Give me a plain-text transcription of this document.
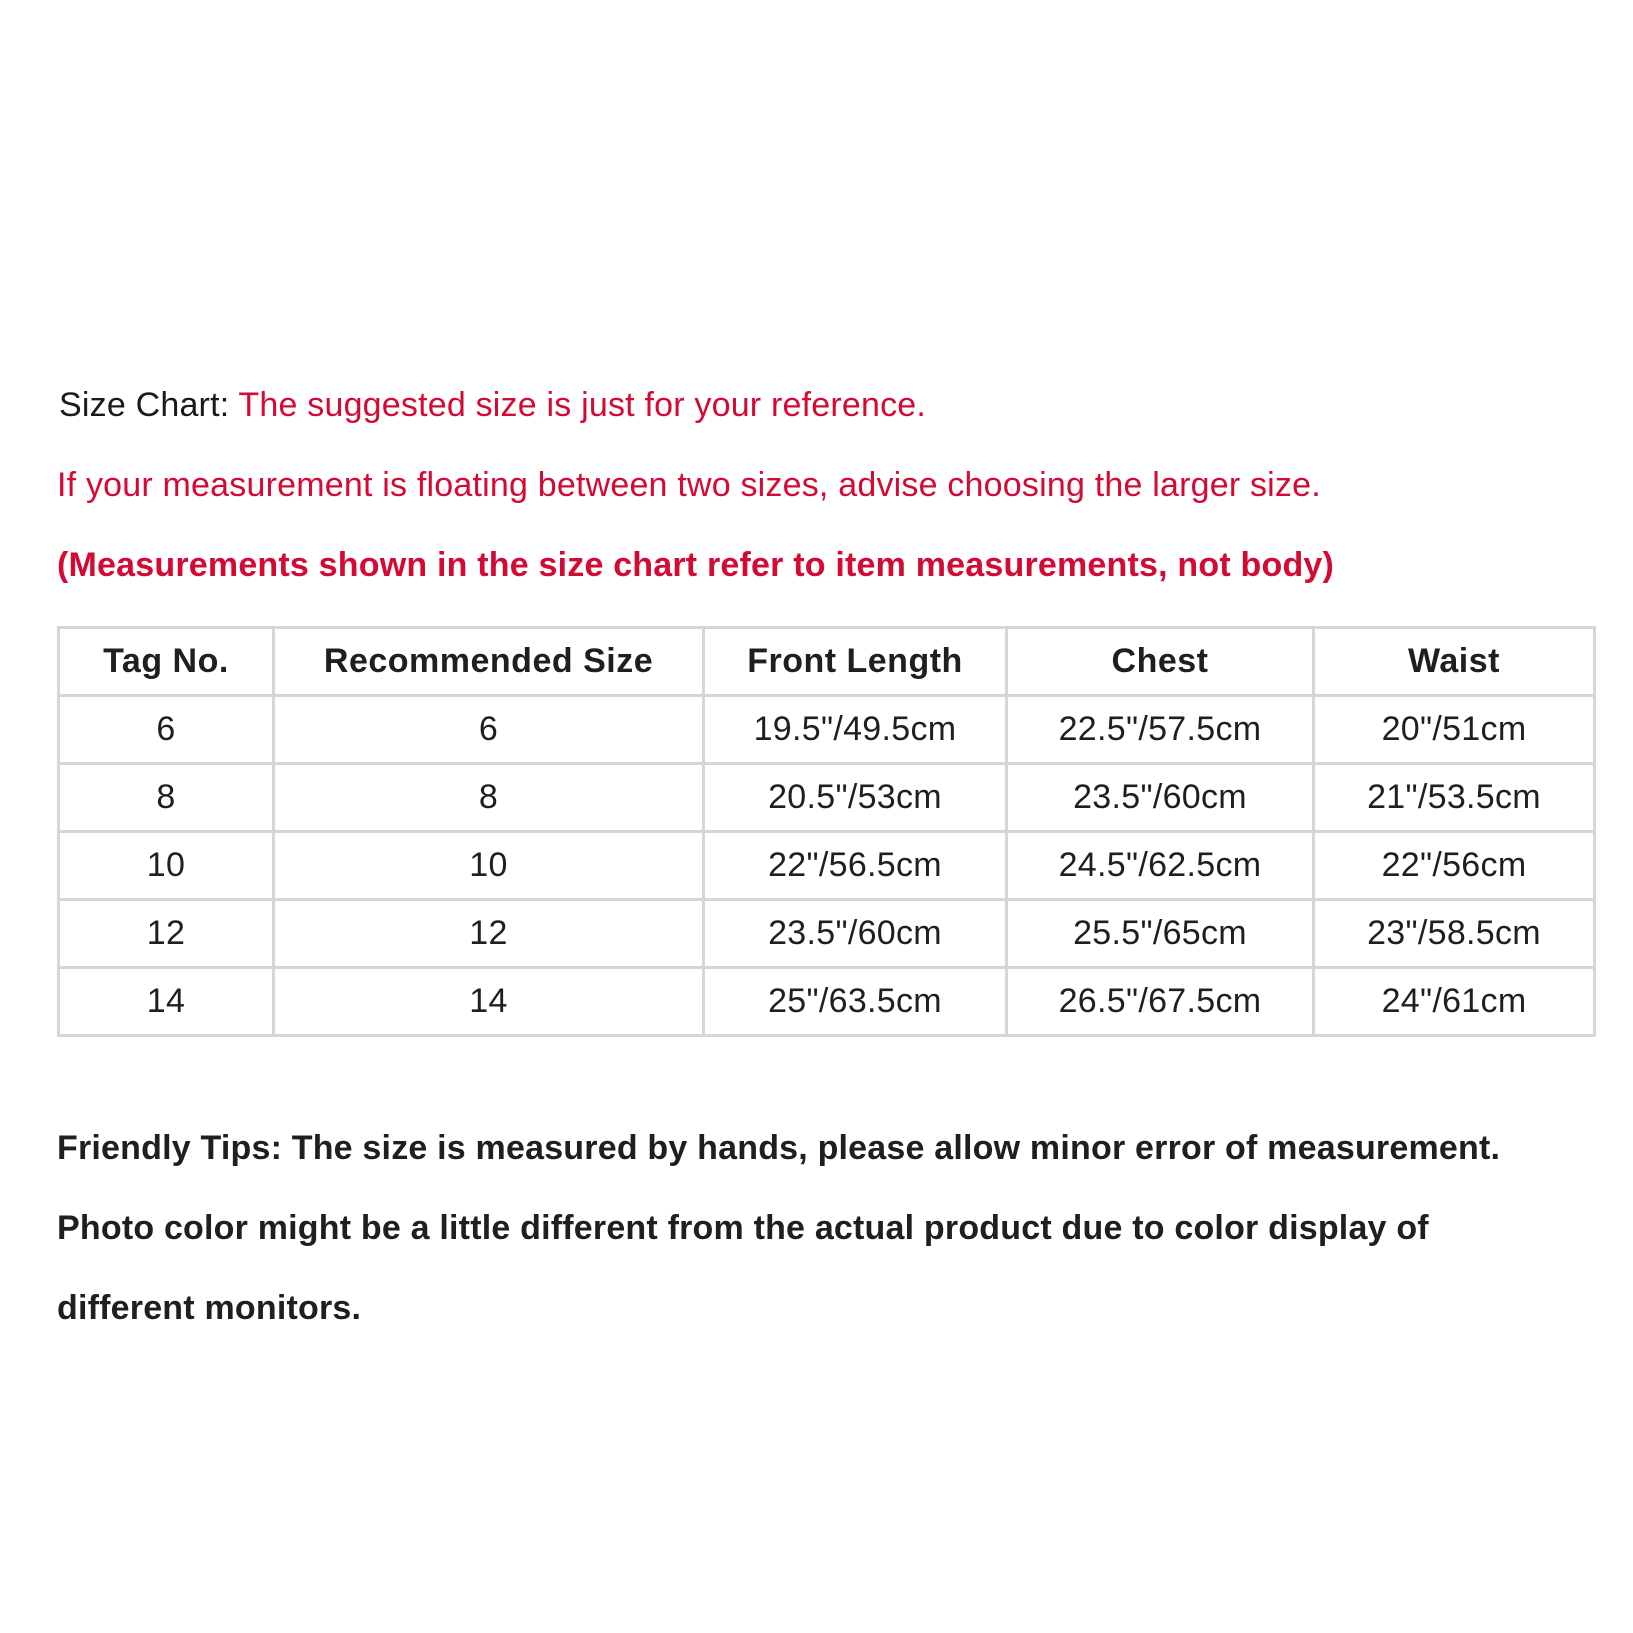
Size Chart: The suggested size is just for your reference.
If your measurement is floating between two sizes, advise choosing the larger size.
(Measurements shown in the size chart refer to item measurements, not body)
Tag No.	Recommended Size	Front Length	Chest	Waist
6	6	19.5"/49.5cm	22.5"/57.5cm	20"/51cm
8	8	20.5"/53cm	23.5"/60cm	21"/53.5cm
10	10	22"/56.5cm	24.5"/62.5cm	22"/56cm
12	12	23.5"/60cm	25.5"/65cm	23"/58.5cm
14	14	25"/63.5cm	26.5"/67.5cm	24"/61cm
Friendly Tips: The size is measured by hands, please allow minor error of measurement.
Photo color might be a little different from the actual product due to color display of
different monitors.
